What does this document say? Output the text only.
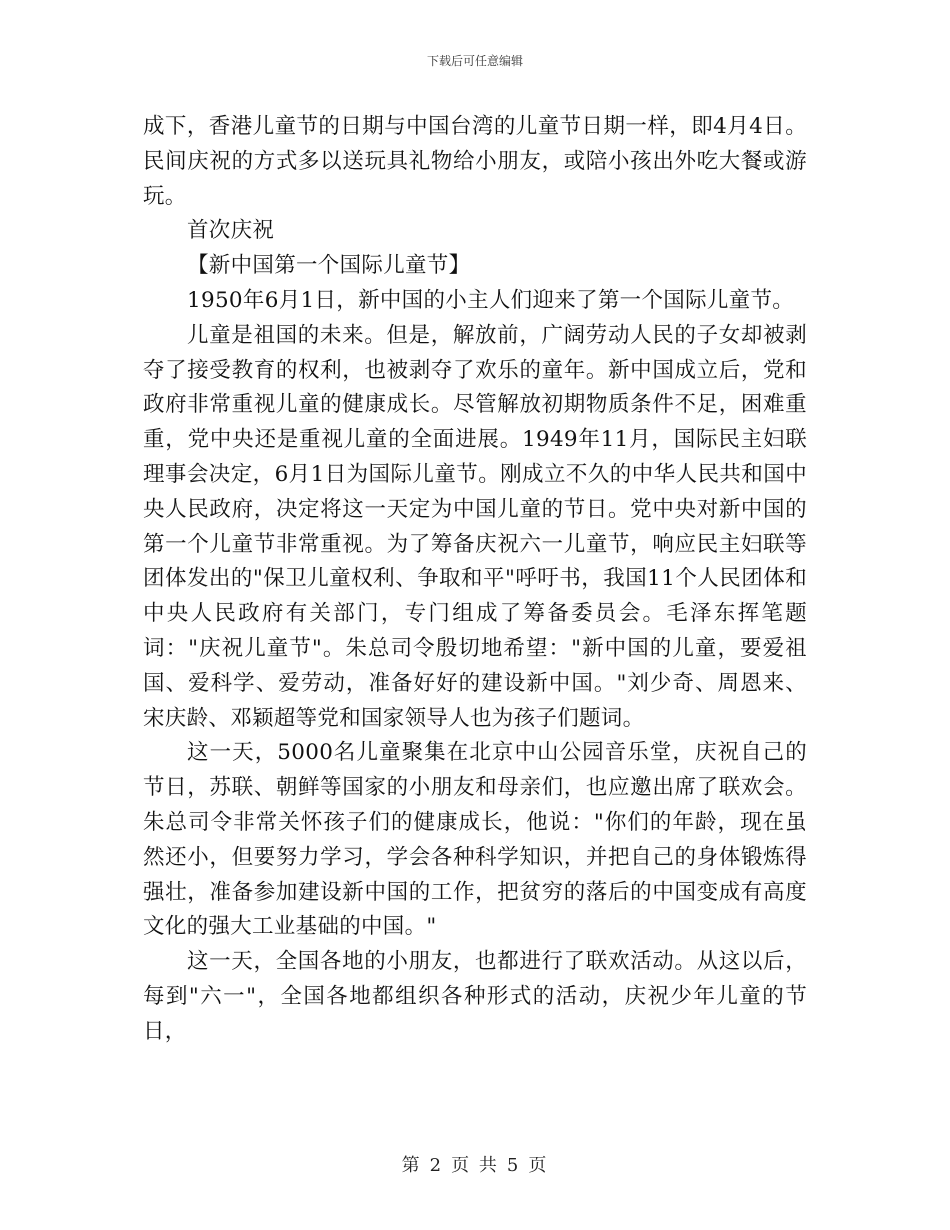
下载后可任意编辑

成下，香港儿童节的日期与中国台湾的儿童节日期一样，即4月4日。民间庆祝的方式多以送玩具礼物给小朋友，或陪小孩出外吃大餐或游玩。

首次庆祝

【新中国第一个国际儿童节】

1950年6月1日，新中国的小主人们迎来了第一个国际儿童节。

儿童是祖国的未来。但是，解放前，广阔劳动人民的子女却被剥夺了接受教育的权利，也被剥夺了欢乐的童年。新中国成立后，党和政府非常重视儿童的健康成长。尽管解放初期物质条件不足，困难重重，党中央还是重视儿童的全面进展。1949年11月，国际民主妇联理事会决定，6月1日为国际儿童节。刚成立不久的中华人民共和国中央人民政府，决定将这一天定为中国儿童的节日。党中央对新中国的第一个儿童节非常重视。为了筹备庆祝六一儿童节，响应民主妇联等团体发出的"保卫儿童权利、争取和平"呼吁书，我国11个人民团体和中央人民政府有关部门，专门组成了筹备委员会。毛泽东挥笔题词："庆祝儿童节"。朱总司令殷切地希望："新中国的儿童，要爱祖国、爱科学、爱劳动，准备好好的建设新中国。"刘少奇、周恩来、宋庆龄、邓颖超等党和国家领导人也为孩子们题词。

这一天，5000名儿童聚集在北京中山公园音乐堂，庆祝自己的节日，苏联、朝鲜等国家的小朋友和母亲们，也应邀出席了联欢会。朱总司令非常关怀孩子们的健康成长，他说："你们的年龄，现在虽然还小，但要努力学习，学会各种科学知识，并把自己的身体锻炼得强壮，准备参加建设新中国的工作，把贫穷的落后的中国变成有高度文化的强大工业基础的中国。"

这一天，全国各地的小朋友，也都进行了联欢活动。从这以后，每到"六一"，全国各地都组织各种形式的活动，庆祝少年儿童的节日，

第 2 页 共 5 页
